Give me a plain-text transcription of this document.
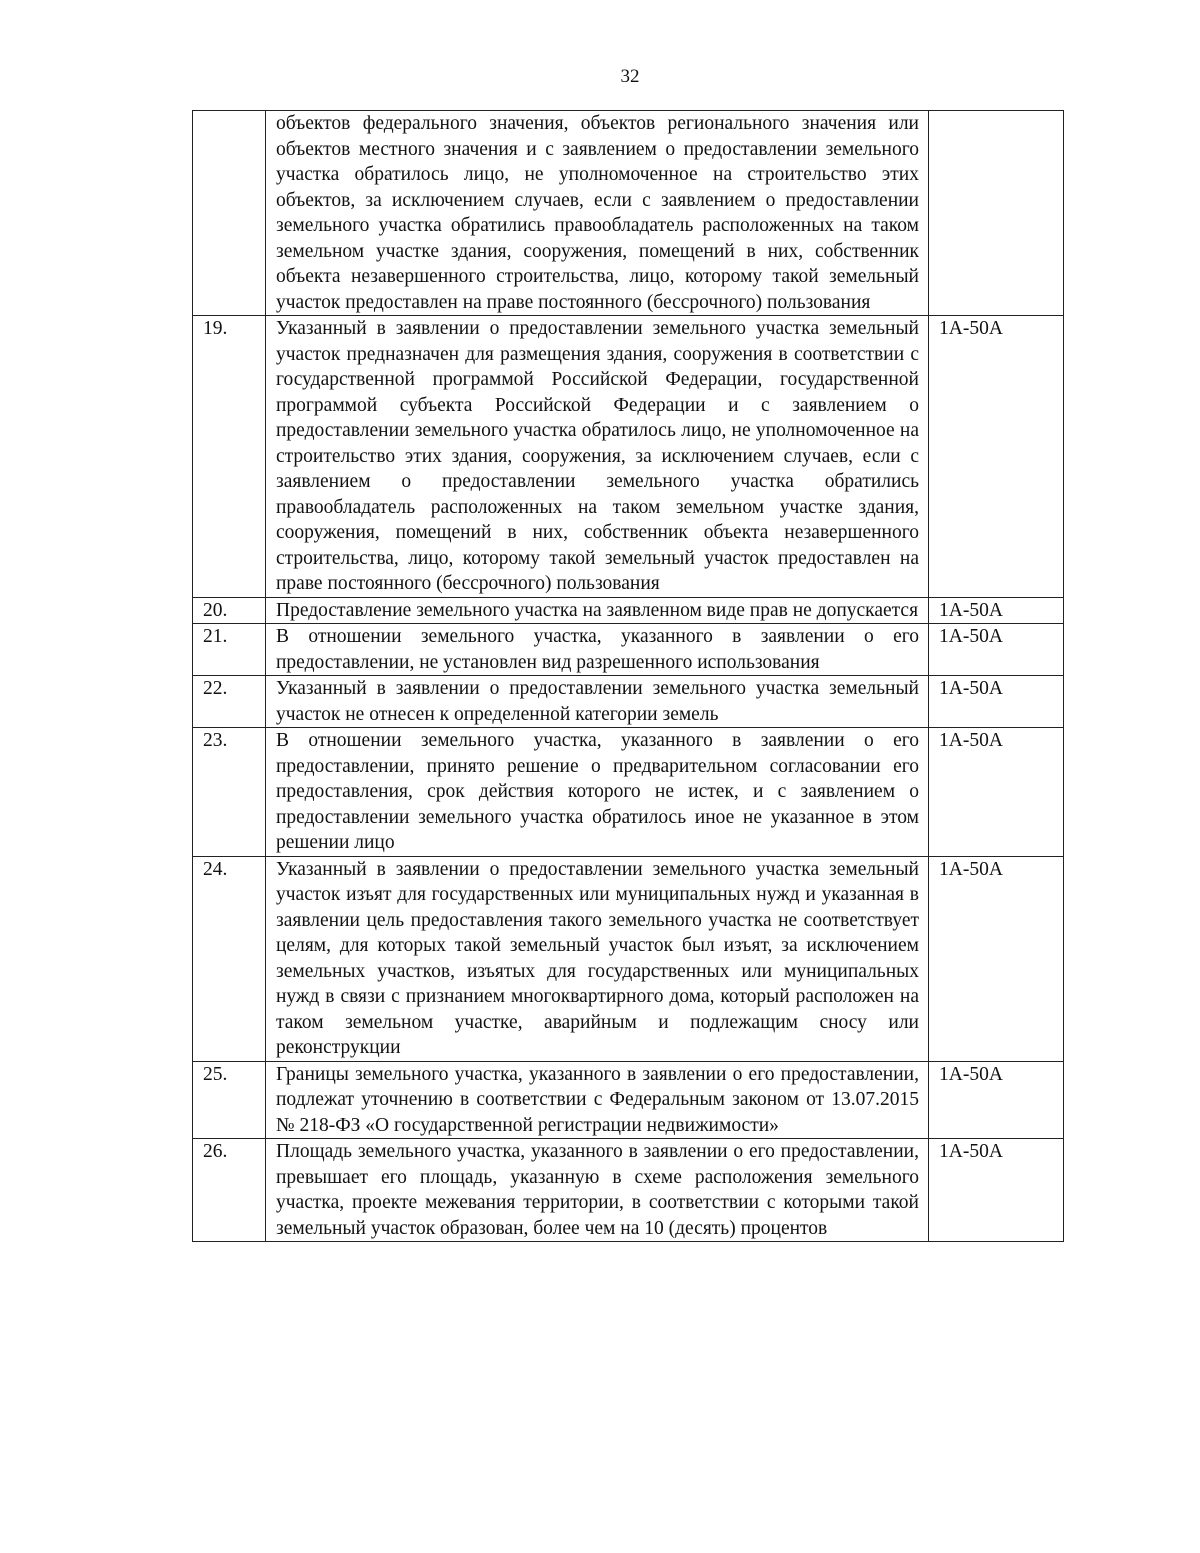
32
	объектов федерального значения, объектов регионального значения или объектов местного значения и с заявлением о предоставлении земельного участка обратилось лицо, не уполномоченное на строительство этих объектов, за исключением случаев, если с заявлением о предоставлении земельного участка обратились правообладатель расположенных на таком земельном участке здания, сооружения, помещений в них, собственник объекта незавершенного строительства, лицо, которому такой земельный участок предоставлен на праве постоянного (бессрочного) пользования	
19.	Указанный в заявлении о предоставлении земельного участка земельный участок предназначен для размещения здания, сооружения в соответствии с государственной программой Российской Федерации, государственной программой субъекта Российской Федерации и с заявлением о предоставлении земельного участка обратилось лицо, не уполномоченное на строительство этих здания, сооружения, за исключением случаев, если с заявлением о предоставлении земельного участка обратились правообладатель расположенных на таком земельном участке здания, сооружения, помещений в них, собственник объекта незавершенного строительства, лицо, которому такой земельный участок предоставлен на праве постоянного (бессрочного) пользования	1А-50А
20.	Предоставление земельного участка на заявленном виде прав не допускается	1А-50А
21.	В отношении земельного участка, указанного в заявлении о его предоставлении, не установлен вид разрешенного использования	1А-50А
22.	Указанный в заявлении о предоставлении земельного участка земельный участок не отнесен к определенной категории земель	1А-50А
23.	В отношении земельного участка, указанного в заявлении о его предоставлении, принято решение о предварительном согласовании его предоставления, срок действия которого не истек, и с заявлением о предоставлении земельного участка обратилось иное не указанное в этом решении лицо	1А-50А
24.	Указанный в заявлении о предоставлении земельного участка земельный участок изъят для государственных или муниципальных нужд и указанная в заявлении цель предоставления такого земельного участка не соответствует целям, для которых такой земельный участок был изъят, за исключением земельных участков, изъятых для государственных или муниципальных нужд в связи с признанием многоквартирного дома, который расположен на таком земельном участке, аварийным и подлежащим сносу или реконструкции	1А-50А
25.	Границы земельного участка, указанного в заявлении о его предоставлении, подлежат уточнению в соответствии с Федеральным законом от 13.07.2015 № 218-ФЗ «О государственной регистрации недвижимости»	1А-50А
26.	Площадь земельного участка, указанного в заявлении о его предоставлении, превышает его площадь, указанную в схеме расположения земельного участка, проекте межевания территории, в соответствии с которыми такой земельный участок образован, более чем на 10 (десять) процентов	1А-50А
